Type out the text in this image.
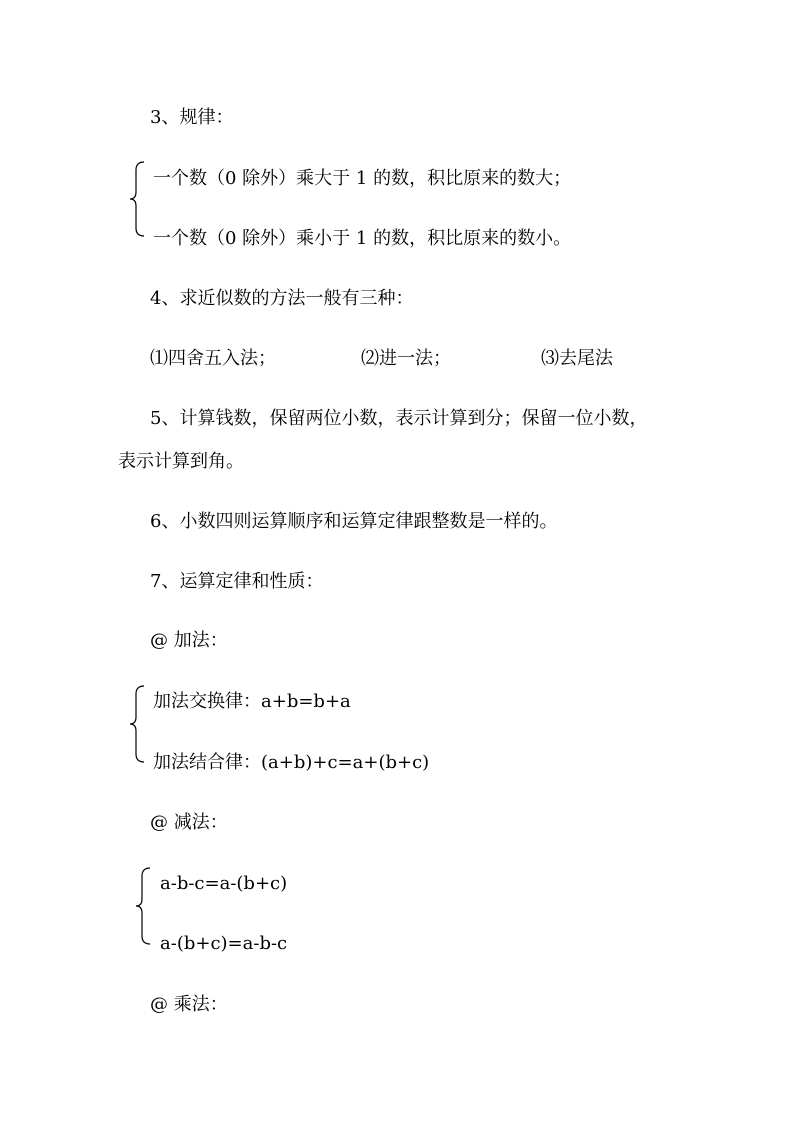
3、规律：
一个数（0 除外）乘大于 1 的数，积比原来的数大；
一个数（0 除外）乘小于 1 的数，积比原来的数小。
4、求近似数的方法一般有三种：
⑴四舍五入法；	⑵进一法；	⑶去尾法
5、计算钱数，保留两位小数，表示计算到分；保留一位小数，
表示计算到角。
6、小数四则运算顺序和运算定律跟整数是一样的。
7、运算定律和性质：
@ 加法：
加法交换律：a+b=b+a
加法结合律：(a+b)+c=a+(b+c)
@ 减法：
a-b-c=a-(b+c)
a-(b+c)=a-b-c
@ 乘法：
